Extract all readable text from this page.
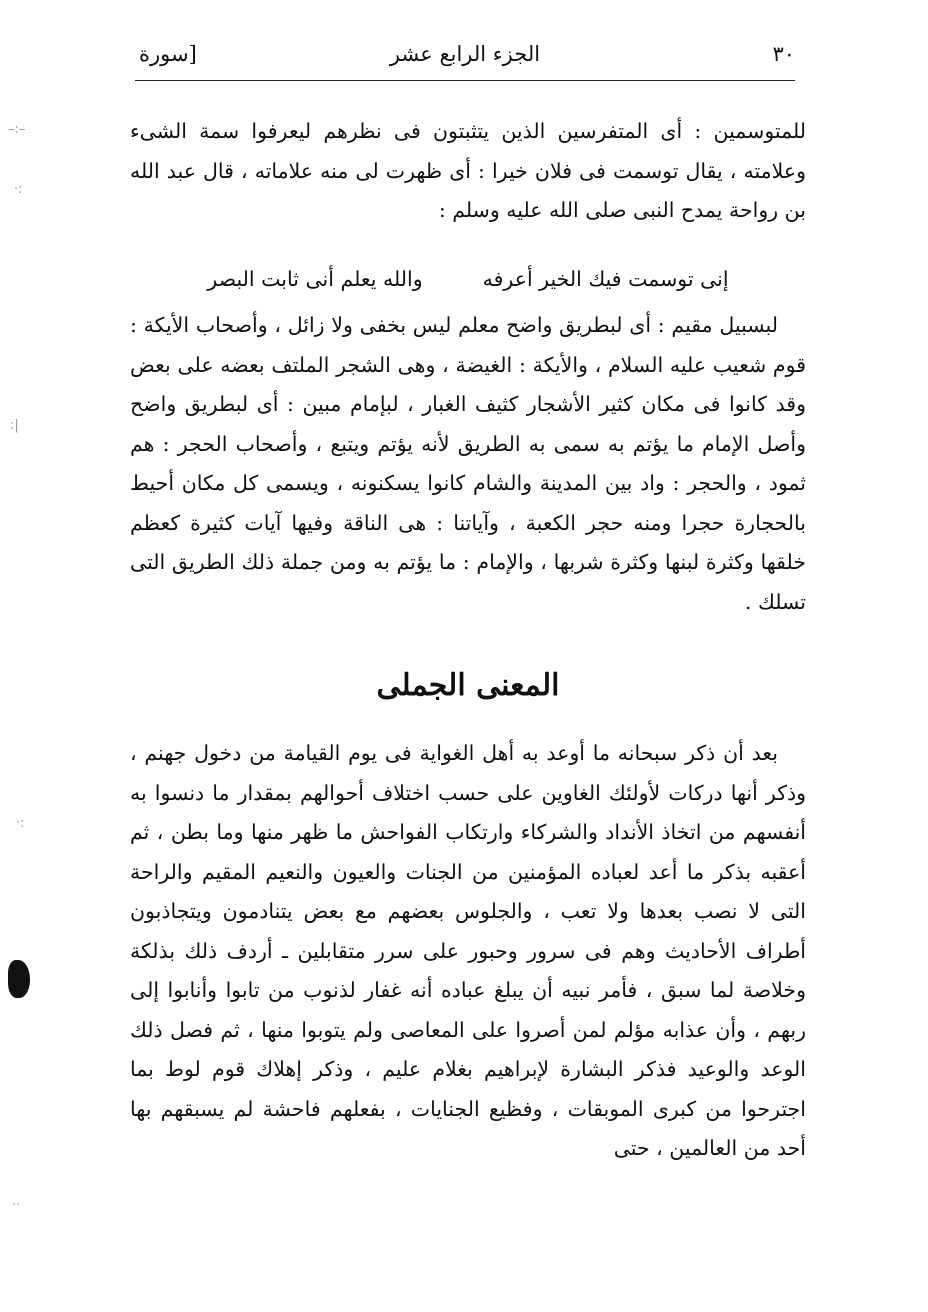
٣٠
الجزء الرابع عشر
[سورة

للمتوسمين : أى المتفرسين الذين يتثبتون فى نظرهم ليعرفوا سمة الشىء وعلامته ، يقال توسمت فى فلان خيرا : أى ظهرت لى منه علاماته ، قال عبد الله بن رواحة يمدح النبى صلى الله عليه وسلم :

إنى توسمت فيك الخير أعرفه
والله يعلم أنى ثابت البصر

لبسبيل مقيم : أى لبطريق واضح معلم ليس بخفى ولا زائل ، وأصحاب الأيكة : قوم شعيب عليه السلام ، والأيكة : الغيضة ، وهى الشجر الملتف بعضه على بعض وقد كانوا فى مكان كثير الأشجار كثيف الغبار ، لبإمام مبين : أى لبطريق واضح وأصل الإمام ما يؤتم به سمى به الطريق لأنه يؤتم ويتبع ، وأصحاب الحجر : هم ثمود ، والحجر : واد بين المدينة والشام كانوا يسكنونه ، ويسمى كل مكان أحيط بالحجارة حجرا ومنه حجر الكعبة ، وآياتنا : هى الناقة وفيها آيات كثيرة كعظم خلقها وكثرة لبنها وكثرة شربها ، والإمام : ما يؤتم به ومن جملة ذلك الطريق التى تسلك .

المعنى الجملى

بعد أن ذكر سبحانه ما أوعد به أهل الغواية فى يوم القيامة من دخول جهنم ، وذكر أنها دركات لأولئك الغاوين على حسب اختلاف أحوالهم بمقدار ما دنسوا به أنفسهم من اتخاذ الأنداد والشركاء وارتكاب الفواحش ما ظهر منها وما بطن ، ثم أعقبه بذكر ما أعد لعباده المؤمنين من الجنات والعيون والنعيم المقيم والراحة التى لا نصب بعدها ولا تعب ، والجلوس بعضهم مع بعض يتنادمون ويتجاذبون أطراف الأحاديث وهم فى سرور وحبور على سرر متقابلين ـ أردف ذلك بذلكة وخلاصة لما سبق ، فأمر نبيه أن يبلغ عباده أنه غفار لذنوب من تابوا وأنابوا إلى ربهم ، وأن عذابه مؤلم لمن أصروا على المعاصى ولم يتوبوا منها ، ثم فصل ذلك الوعد والوعيد فذكر البشارة لإبراهيم بغلام عليم ، وذكر إهلاك قوم لوط بما اجترحوا من كبرى الموبقات ، وفظيع الجنايات ، بفعلهم فاحشة لم يسبقهم بها أحد من العالمين ، حتى

–:–
·:
:|
·:
··
